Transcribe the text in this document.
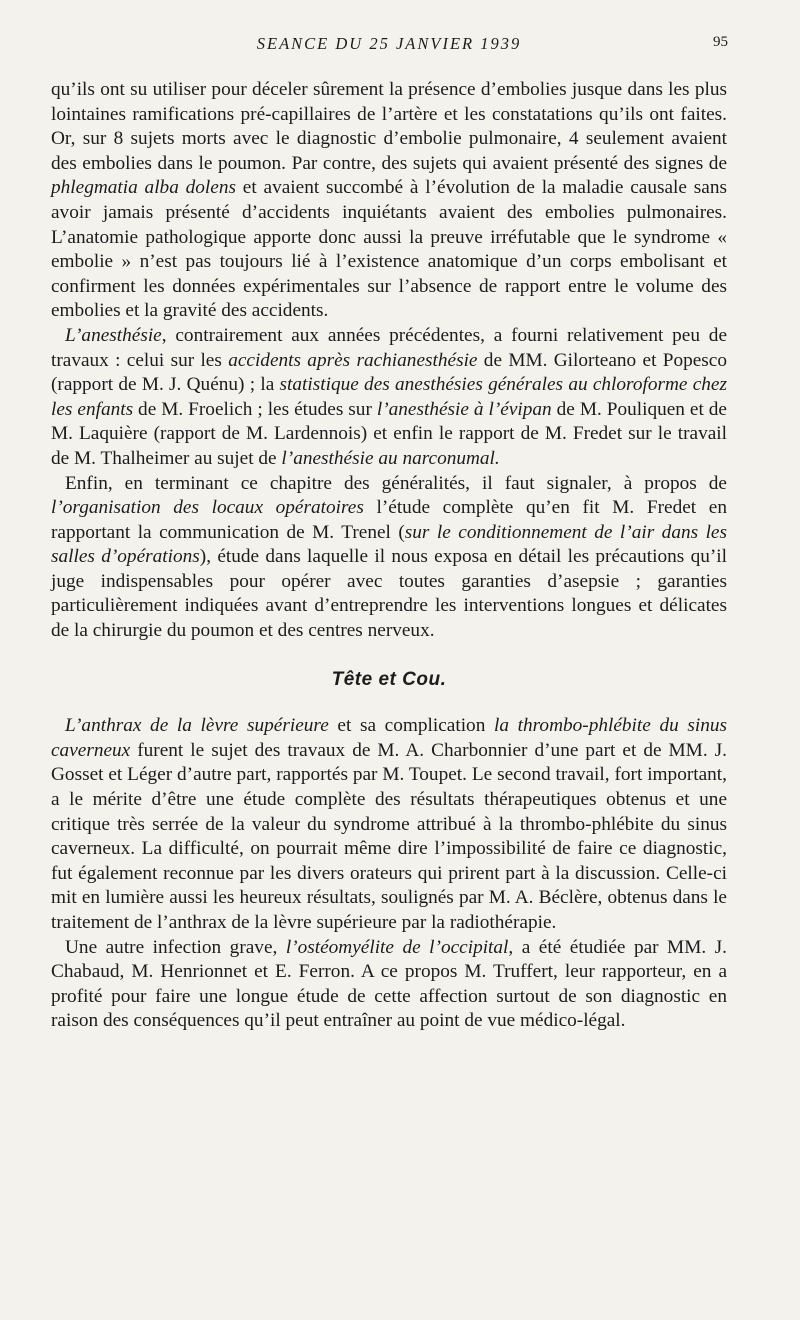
SEANCE DU 25 JANVIER 1939	95

qu’ils ont su utiliser pour déceler sûrement la présence d’embolies jusque dans les plus lointaines ramifications pré-capillaires de l’artère et les constatations qu’ils ont faites. Or, sur 8 sujets morts avec le diagnostic d’embolie pulmonaire, 4 seulement avaient des embolies dans le poumon. Par contre, des sujets qui avaient présenté des signes de phlegmatia alba dolens et avaient succombé à l’évolution de la maladie causale sans avoir jamais présenté d’accidents inquiétants avaient des embolies pulmonaires. L’anatomie pathologique apporte donc aussi la preuve irréfutable que le syndrome « embolie » n’est pas toujours lié à l’existence anatomique d’un corps embolisant et confirment les données expérimentales sur l’absence de rapport entre le volume des embolies et la gravité des accidents.

L’anesthésie, contrairement aux années précédentes, a fourni relativement peu de travaux : celui sur les accidents après rachianesthésie de MM. Gilorteano et Popesco (rapport de M. J. Quénu) ; la statistique des anesthésies générales au chloroforme chez les enfants de M. Froelich ; les études sur l’anesthésie à l’évipan de M. Pouliquen et de M. Laquière (rapport de M. Lardennois) et enfin le rapport de M. Fredet sur le travail de M. Thalheimer au sujet de l’anesthésie au narconumal.

Enfin, en terminant ce chapitre des généralités, il faut signaler, à propos de l’organisation des locaux opératoires l’étude complète qu’en fit M. Fredet en rapportant la communication de M. Trenel (sur le conditionnement de l’air dans les salles d’opérations), étude dans laquelle il nous exposa en détail les précautions qu’il juge indispensables pour opérer avec toutes garanties d’asepsie ; garanties particulièrement indiquées avant d’entreprendre les interventions longues et délicates de la chirurgie du poumon et des centres nerveux.

Tête et Cou.

L’anthrax de la lèvre supérieure et sa complication la thrombo-phlébite du sinus caverneux furent le sujet des travaux de M. A. Charbonnier d’une part et de MM. J. Gosset et Léger d’autre part, rapportés par M. Toupet. Le second travail, fort important, a le mérite d’être une étude complète des résultats thérapeutiques obtenus et une critique très serrée de la valeur du syndrome attribué à la thrombo-phlébite du sinus caverneux. La difficulté, on pourrait même dire l’impossibilité de faire ce diagnostic, fut également reconnue par les divers orateurs qui prirent part à la discussion. Celle-ci mit en lumière aussi les heureux résultats, soulignés par M. A. Béclère, obtenus dans le traitement de l’anthrax de la lèvre supérieure par la radiothérapie.

Une autre infection grave, l’ostéomyélite de l’occipital, a été étudiée par MM. J. Chabaud, M. Henrionnet et E. Ferron. A ce propos M. Truffert, leur rapporteur, en a profité pour faire une longue étude de cette affection surtout de son diagnostic en raison des conséquences qu’il peut entraîner au point de vue médico-légal.
